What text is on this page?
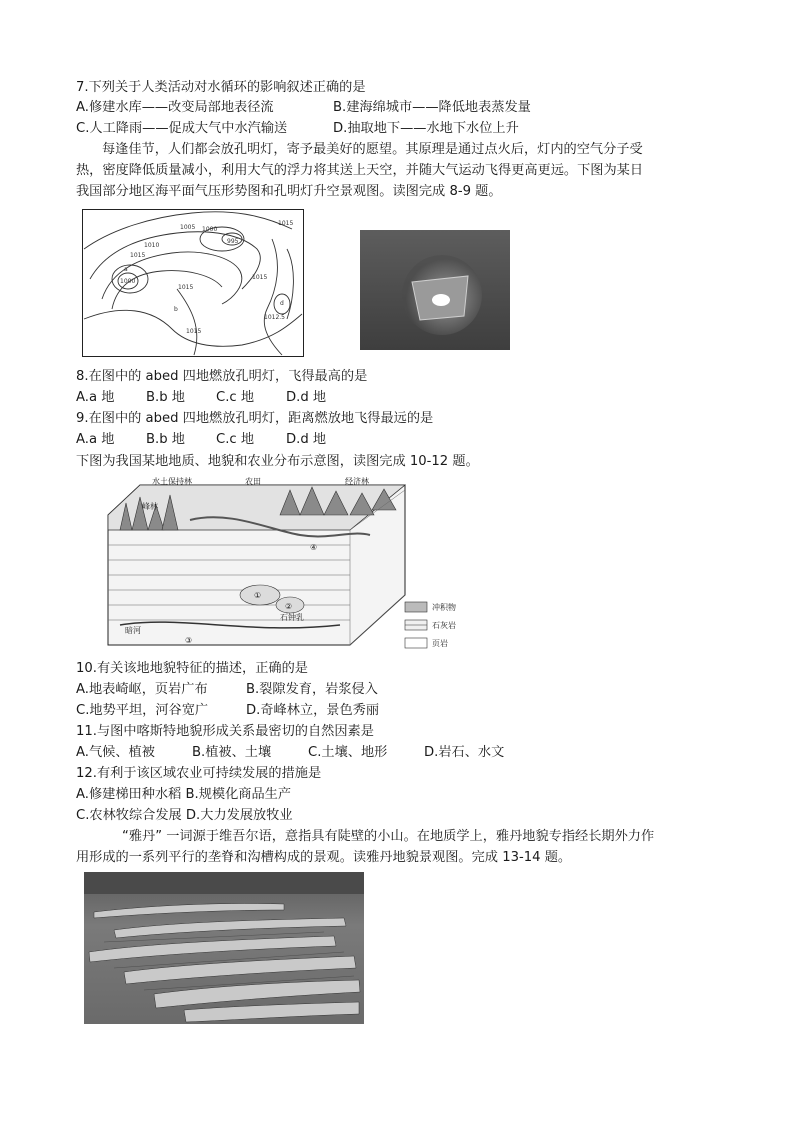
7.下列关于人类活动对水循环的影响叙述正确的是
A.修建水库——改变局部地表径流	B.建海绵城市——降低地表蒸发量
C.人工降雨——促成大气中水汽输送	D.抽取地下——水地下水位上升
每逢佳节，人们都会放孔明灯，寄予最美好的愿望。其原理是通过点火后，灯内的空气分子受
热，密度降低质量减小，利用大气的浮力将其送上天空，并随大气运动飞得更高更远。下图为某日
我国部分地区海平面气压形势图和孔明灯升空景观图。读图完成 8-9 题。
1015
1005 1000
995
1010
1015
a
1000
1015
b
1015
1012.5
d
1015
8.在图中的 abed 四地燃放孔明灯，飞得最高的是
A.a 地 B.b 地 C.c 地 D.d 地
9.在图中的 abed 四地燃放孔明灯，距离燃放地飞得最远的是
A.a 地 B.b 地 C.c 地 D.d 地
下图为我国某地地质、地貌和农业分布示意图，读图完成 10-12 题。
水土保持林	农田	经济林
峰林
暗河
石钟乳
①
②
③
④
冲积物
石灰岩
页岩
10.有关该地地貌特征的描述，正确的是
A.地表崎岖，页岩广布	B.裂隙发育，岩浆侵入
C.地势平坦，河谷宽广	D.奇峰林立，景色秀丽
11.与图中喀斯特地貌形成关系最密切的自然因素是
A.气候、植被	B.植被、土壤	C.土壤、地形	D.岩石、水文
12.有利于该区域农业可持续发展的措施是
A.修建梯田种水稻 B.规模化商品生产
C.农林牧综合发展 D.大力发展放牧业
“雅丹” 一词源于维吾尔语，意指具有陡壁的小山。在地质学上，雅丹地貌专指经长期外力作
用形成的一系列平行的垄脊和沟槽构成的景观。读雅丹地貌景观图。完成 13-14 题。
